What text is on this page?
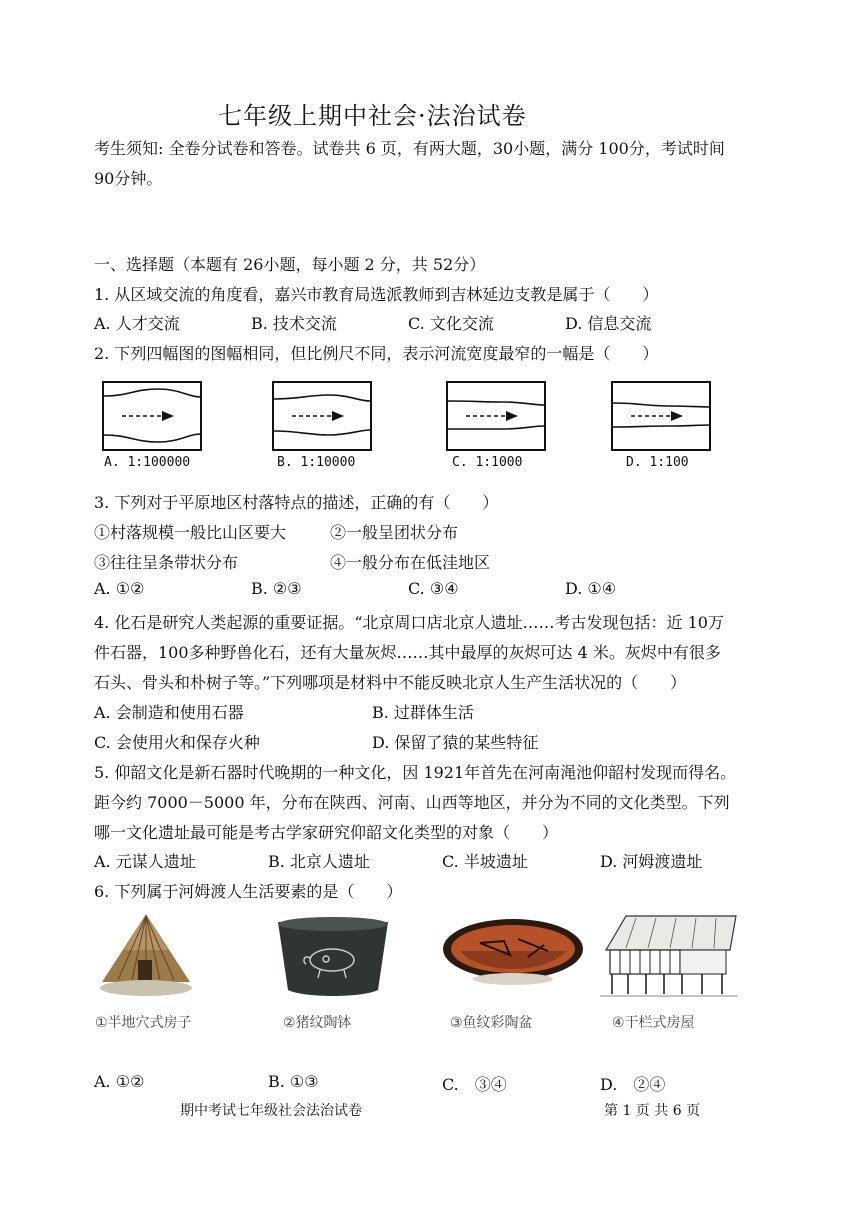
七年级上期中社会·法治试卷
考生须知: 全卷分试卷和答卷。试卷共 6 页，有两大题，30小题，满分 100分，考试时间
90分钟。
一、选择题（本题有 26小题，每小题 2 分，共 52分）
1. 从区域交流的角度看，嘉兴市教育局选派教师到吉林延边支教是属于（　　）
A. 人才交流	B. 技术交流	C. 文化交流	D. 信息交流
2. 下列四幅图的图幅相同，但比例尺不同，表示河流宽度最窄的一幅是（　　）
A. 1:100000	B. 1:10000	C. 1:1000	D. 1:100
3. 下列对于平原地区村落特点的描述，正确的有（　　）
①村落规模一般比山区要大	②一般呈团状分布
③往往呈条带状分布	④一般分布在低洼地区
A. ①②	B. ②③	C. ③④	D. ①④
4. 化石是研究人类起源的重要证据。“北京周口店北京人遗址……考古发现包括：近 10万
件石器，100多种野兽化石，还有大量灰烬……其中最厚的灰烬可达 4 米。灰烬中有很多
石头、骨头和朴树子等。”下列哪项是材料中不能反映北京人生产生活状况的（　　）
A. 会制造和使用石器	B. 过群体生活
C. 会使用火和保存火种	D. 保留了猿的某些特征
5. 仰韶文化是新石器时代晚期的一种文化，因 1921年首先在河南渑池仰韶村发现而得名。
距今约 7000－5000 年，分布在陕西、河南、山西等地区，并分为不同的文化类型。下列
哪一文化遗址最可能是考古学家研究仰韶文化类型的对象（　　）
A. 元谋人遗址	B. 北京人遗址	C. 半坡遗址	D. 河姆渡遗址
6. 下列属于河姆渡人生活要素的是（　　）
①半地穴式房子	②猪纹陶钵	③鱼纹彩陶盆	④干栏式房屋
A. ①②	B. ①③	C.　③④	D.　②④
期中考试七年级社会法治试卷	第 1 页 共 6 页
